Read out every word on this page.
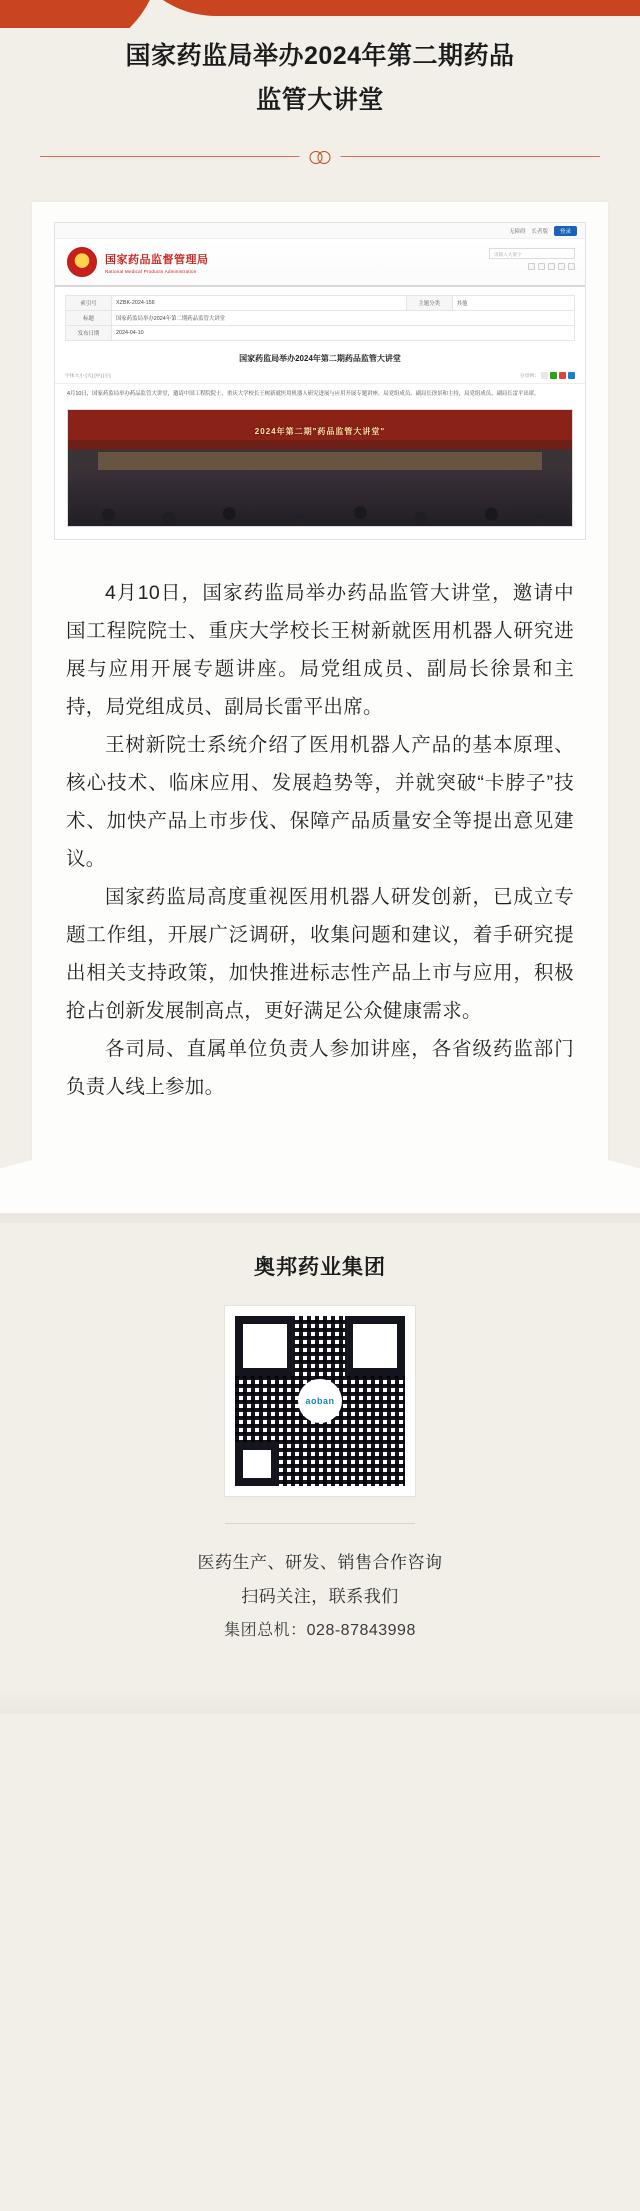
国家药监局举办2024年第二期药品
监管大讲堂
无障碍 长者版	登录
国家药品监督管理局
National Medical Products Administration
请输入关键字
索引号	XZBK-2024-156	主题分类	其他
标题	国家药监局举办2024年第二期药品监管大讲堂		
发布日期	2024-04-10		
国家药监局举办2024年第二期药品监管大讲堂
字体大小 [大] [中] [小]	分享到：
4月10日，国家药监局举办药品监管大讲堂，邀请中国工程院院士、重庆大学校长王树新就医用机器人研究进展与应用开展专题讲座。局党组成员、副局长徐景和主持，局党组成员、副局长雷平出席。
2024年第二期"药品监管大讲堂"

4月10日，国家药监局举办药品监管大讲堂，邀请中国工程院院士、重庆大学校长王树新就医用机器人研究进展与应用开展专题讲座。局党组成员、副局长徐景和主持，局党组成员、副局长雷平出席。

王树新院士系统介绍了医用机器人产品的基本原理、核心技术、临床应用、发展趋势等，并就突破“卡脖子”技术、加快产品上市步伐、保障产品质量安全等提出意见建议。

国家药监局高度重视医用机器人研发创新，已成立专题工作组，开展广泛调研，收集问题和建议，着手研究提出相关支持政策，加快推进标志性产品上市与应用，积极抢占创新发展制高点，更好满足公众健康需求。

各司局、直属单位负责人参加讲座，各省级药监部门负责人线上参加。

奥邦药业集团
aoban
医药生产、研发、销售合作咨询
扫码关注，联系我们
集团总机：028-87843998
